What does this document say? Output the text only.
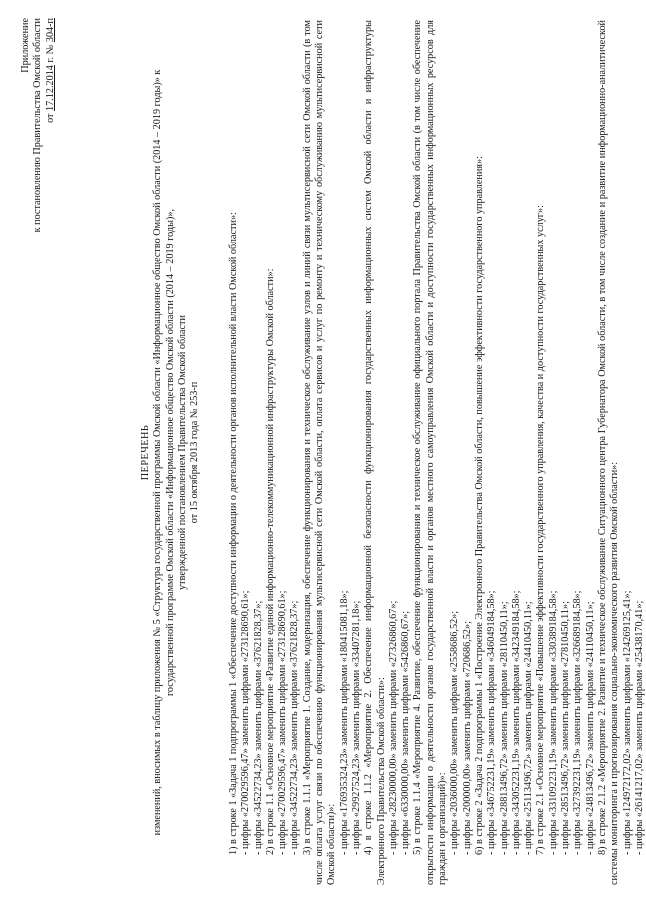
Приложение к постановлению Правительства Омской области от 17.12.2014 г. № 304-п
ПЕРЕЧЕНЬ изменений, вносимых в таблицу приложения № 5 «Структура государственной программы Омской области «Информационное общество Омской области (2014 – 2019 годы)» к государственной программе Омской области «Информационное общество Омской области (2014 – 2019 годы)», утвержденной постановлением Правительства Омской области от 15 октября 2013 года № 253-п	1) в строке 1 «Задача 1 подпрограммы 1 «Обеспечение доступности информации о деятельности органов исполнительной власти Омской области»: - цифры «270029596,47» заменить цифрами «273128690,61»; - цифры «34522734,23» заменить цифрами «37621828,37»; 2) в строке 1.1 «Основное мероприятие «Развитие единой информационно-телекоммуникационной инфраструктуры Омской области»: - цифры «270029596,47» заменить цифрами «273128690,61»; - цифры «34522734,23» заменить цифрами «37621828,37»; 3) в строке 1.1.1 «Мероприятие 1. Создание, модернизация, обеспечение функционирования и техническое обслуживание узлов и линий связи мультисервисной сети Омской области (в том числе оплата услуг связи по обеспечению функционирования мультисервисной сети Омской области, оплата сервисов и услуг по ремонту и техническому обслуживанию мультисервисной сети Омской области)»: - цифры «176935324,23» заменить цифрами «180415081,18»; - цифры «29927524,23» заменить цифрами «33407281,18»; 4) в строке 1.1.2 «Мероприятие 2. Обеспечение информационной безопасности функционирования государственных информационных систем Омской области и инфраструктуры Электронного Правительства Омской области»: - цифры «28230000,00» заменить цифрами «27326860,67»; - цифры «6330000,00» заменить цифрами «5426860,67»; 5) в строке 1.1.4 «Мероприятие 4. Развитие, обеспечение функционирования и техническое обслуживание официального портала Правительства Омской области (в том числе обеспечение открытости информации о деятельности органов государственной власти и органов местного самоуправления Омской области и доступности государственных информационных ресурсов для граждан и организаций)»: - цифры «2036000,00» заменить цифрами «2558686,52»; - цифры «200000,00» заменить цифрами «720686,52»; 6) в строке 2 «Задача 2 подпрограммы 1 «Построение Электронного Правительства Омской области, повышение эффективности государственного управления»: - цифры «346752231,19» заменить цифрами «346049184,58»; - цифры «28813496,72» заменить цифрами «28110450,11»; - цифры «343052231,19» заменить цифрами «342349184,58»; - цифры «25113496,72» заменить цифрами «24410450,11»; 7) в строке 2.1 «Основное мероприятие «Повышение эффективности государственного управления, качества и доступности государственных услуг»: - цифры «331092231,19» заменить цифрами «330389184,58»; - цифры «28513496,72» заменить цифрами «27810450,11»; - цифры «327392231,19» заменить цифрами «326689184,58»; - цифры «24813496,72» заменить цифрами «24110450,11»; 8) в строке 2.1.2 «Мероприятие 2. Развитие и техническое обслуживание Ситуационного центра Губернатора Омской области, в том числе создание и развитие информационно-аналитической системы мониторинга и прогнозирования социально-экономического развития Омской области»: - цифры «124972172,02» заменить цифрами «124269125,41»; - цифры «26141217,02» заменить цифрами «25438170,41»;
